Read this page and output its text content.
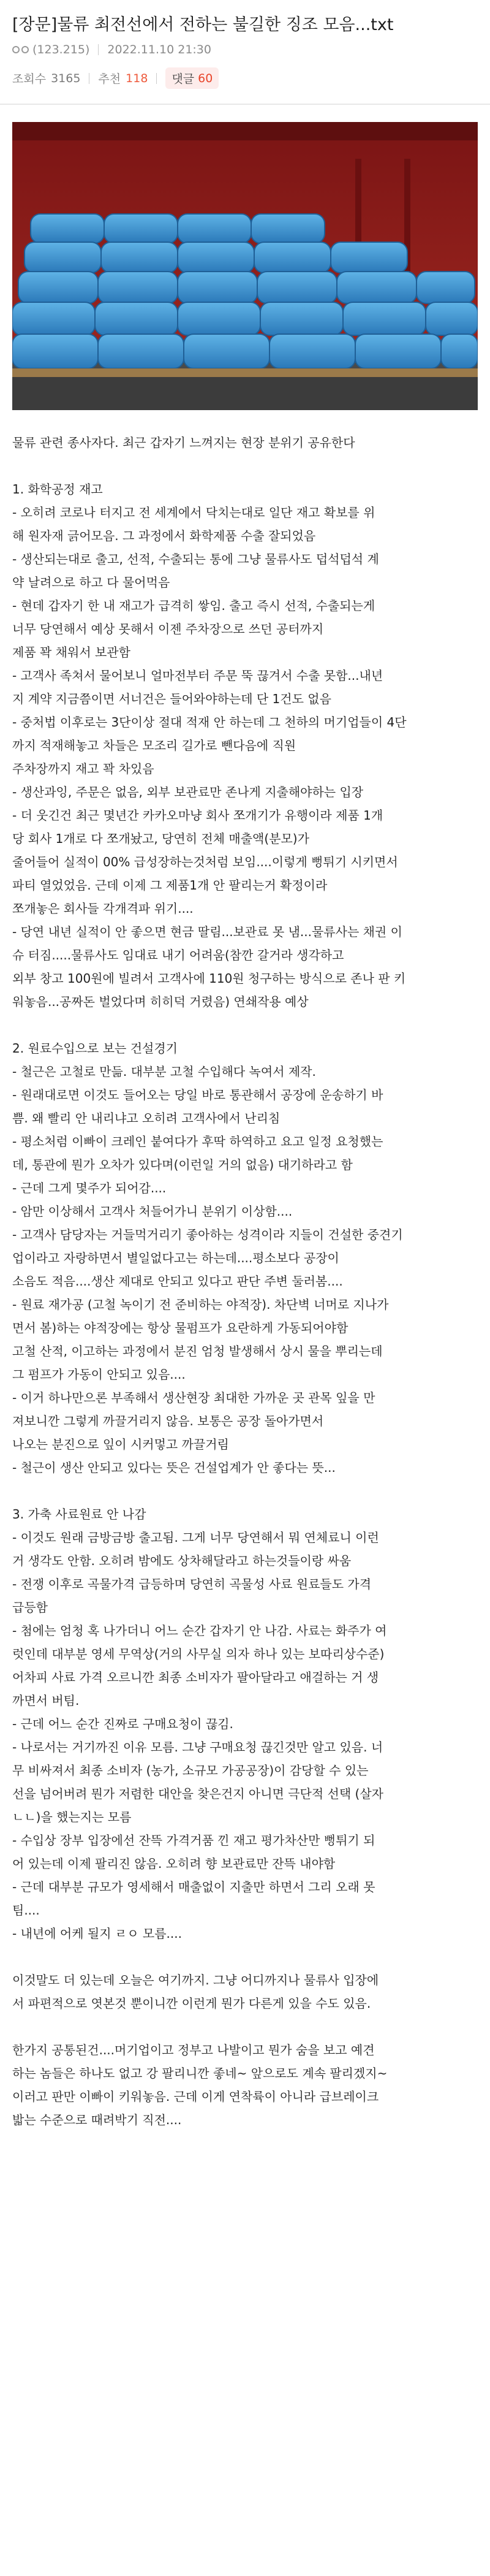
[장문]물류 최전선에서 전하는 불길한 징조 모음...txt
(123.215) 2022.11.10 21:30
조회수 3165 추천 118 댓글 60

물류 관련 종사자다. 최근 갑자기 느껴지는 현장 분위기 공유한다

1. 화학공정 재고

- 오히려 코로나 터지고 전 세계에서 닥치는대로 일단 재고 확보를 위

해 원자재 긁어모음. 그 과정에서 화학제품 수출 잘되었음

- 생산되는대로 출고, 선적, 수출되는 통에 그냥 물류사도 덥석덥석 계

약 날려으로 하고 다 물어먹음

- 현데 갑자기 한 내 재고가 급격히 쌓임. 출고 즉시 선적, 수출되는게

너무 당연해서 예상 못해서 이젠 주차장으로 쓰던 공터까지

제품 꽉 채워서 보관함

- 고객사 족쳐서 물어보니 얼마전부터 주문 뚝 끊겨서 수출 못함...내년

지 계약 지금쯤이면 서너건은 들어와야하는데 단 1건도 없음

- 중처법 이후로는 3단이상 절대 적재 안 하는데 그 천하의 머기업들이 4단

까지 적재해놓고 차들은 모조리 길가로 뺀다음에 직원

주차장까지 재고 꽉 차있음

- 생산과잉, 주문은 없음, 외부 보관료만 존나게 지출해야하는 입장

- 더 웃긴건 최근 몇년간 카카오마냥 회사 쪼개기가 유행이라 제품 1개

당 회사 1개로 다 쪼개놨고, 당연히 전체 매출액(분모)가

줄어들어 실적이 00% 급성장하는것처럼 보임....이렇게 뻥튀기 시키면서

파티 열었었음. 근데 이제 그 제품1개 안 팔리는거 확정이라

쪼개놓은 회사들 각개격파 위기....

- 당연 내년 실적이 안 좋으면 현금 딸림...보관료 못 냄...물류사는 채권 이

슈 터짐.....물류사도 임대료 내기 어려움(참깐 갈거라 생각하고

외부 창고 100원에 빌려서 고객사에 110원 청구하는 방식으로 존나 판 키

워놓음...공짜돈 벌었다며 히히덕 거렸음) 연쇄작용 예상

2. 원료수입으로 보는 건설경기

- 철근은 고철로 만듦. 대부분 고철 수입해다 녹여서 제작.

- 원래대로면 이것도 들어오는 당일 바로 통관해서 공장에 운송하기 바

쁨. 왜 빨리 안 내리냐고 오히려 고객사에서 난리침

- 평소처럼 이빠이 크레인 붙여다가 후딱 하역하고 요고 일정 요청했는

데, 통관에 뭔가 오차가 있다며(이런일 거의 없음) 대기하라고 함

- 근데 그게 몇주가 되어감....

- 암만 이상해서 고객사 처들어가니 분위기 이상함....

- 고객사 담당자는 거들먹거리기 좋아하는 성격이라 지들이 건설한 중견기

업이라고 자랑하면서 별일없다고는 하는데....평소보다 공장이

소음도 적음....생산 제대로 안되고 있다고 판단 주변 둘러봄....

- 원료 재가공 (고철 녹이기 전 준비하는 야적장). 차단벽 너머로 지나가

면서 봄)하는 야적장에는 항상 물펌프가 요란하게 가동되어야함

고철 산적, 이고하는 과정에서 분진 엄청 발생해서 상시 물을 뿌리는데

그 펌프가 가동이 안되고 있음....

- 이거 하나만으론 부족해서 생산현장 최대한 가까운 곳 관목 잎을 만

져보니깐 그렇게 까끌거리지 않음. 보통은 공장 돌아가면서

나오는 분진으로 잎이 시커멓고 까끌거림

- 철근이 생산 안되고 있다는 뜻은 건설업계가 안 좋다는 뜻...

3. 가축 사료원료 안 나감

- 이것도 원래 금방금방 출고됨. 그게 너무 당연해서 뭐 연체료니 이런

거 생각도 안함. 오히려 밤에도 상차해달라고 하는것들이랑 싸움

- 전쟁 이후로 곡물가격 급등하며 당연히 곡물성 사료 원료들도 가격

급등함

- 첨에는 엄청 혹 나가더니 어느 순간 갑자기 안 나감. 사료는 화주가 여

럿인데 대부분 영세 무역상(거의 사무실 의자 하나 있는 보따리상수준)

어차피 사료 가격 오르니깐 최종 소비자가 팔아달라고 애걸하는 거 생

까면서 버팀.

- 근데 어느 순간 진짜로 구매요청이 끊김.

- 나로서는 거기까진 이유 모름. 그냥 구매요청 끊긴것만 알고 있음. 너

무 비싸져서 최종 소비자 (농가, 소규모 가공공장)이 감당할 수 있는

선을 넘어버려 뭔가 저렴한 대안을 찾은건지 아니면 극단적 선택 (살자

ㄴㄴ)을 했는지는 모름

- 수입상 장부 입장에선 잔뜩 가격거품 낀 재고 평가차산만 뻥튀기 되

어 있는데 이제 팔리진 않음. 오히려 향 보관료만 잔뜩 내야함

- 근데 대부분 규모가 영세해서 매출없이 지출만 하면서 그리 오래 못

팀....

- 내년에 어케 될지 ㄹㅇ 모름....

이것말도 더 있는데 오늘은 여기까지. 그냥 어디까지나 물류사 입장에

서 파편적으로 엿본것 뿐이니깐 이런게 뭔가 다른게 있을 수도 있음.

한가지 공통된건....머기업이고 정부고 나발이고 뭔가 숨을 보고 예견

하는 놈들은 하나도 없고 강 팔리니깐 좋네~ 앞으로도 계속 팔리겠지~

이러고 판만 이빠이 키워놓음. 근데 이게 연착륙이 아니라 급브레이크

밟는 수준으로 때려박기 직전....
